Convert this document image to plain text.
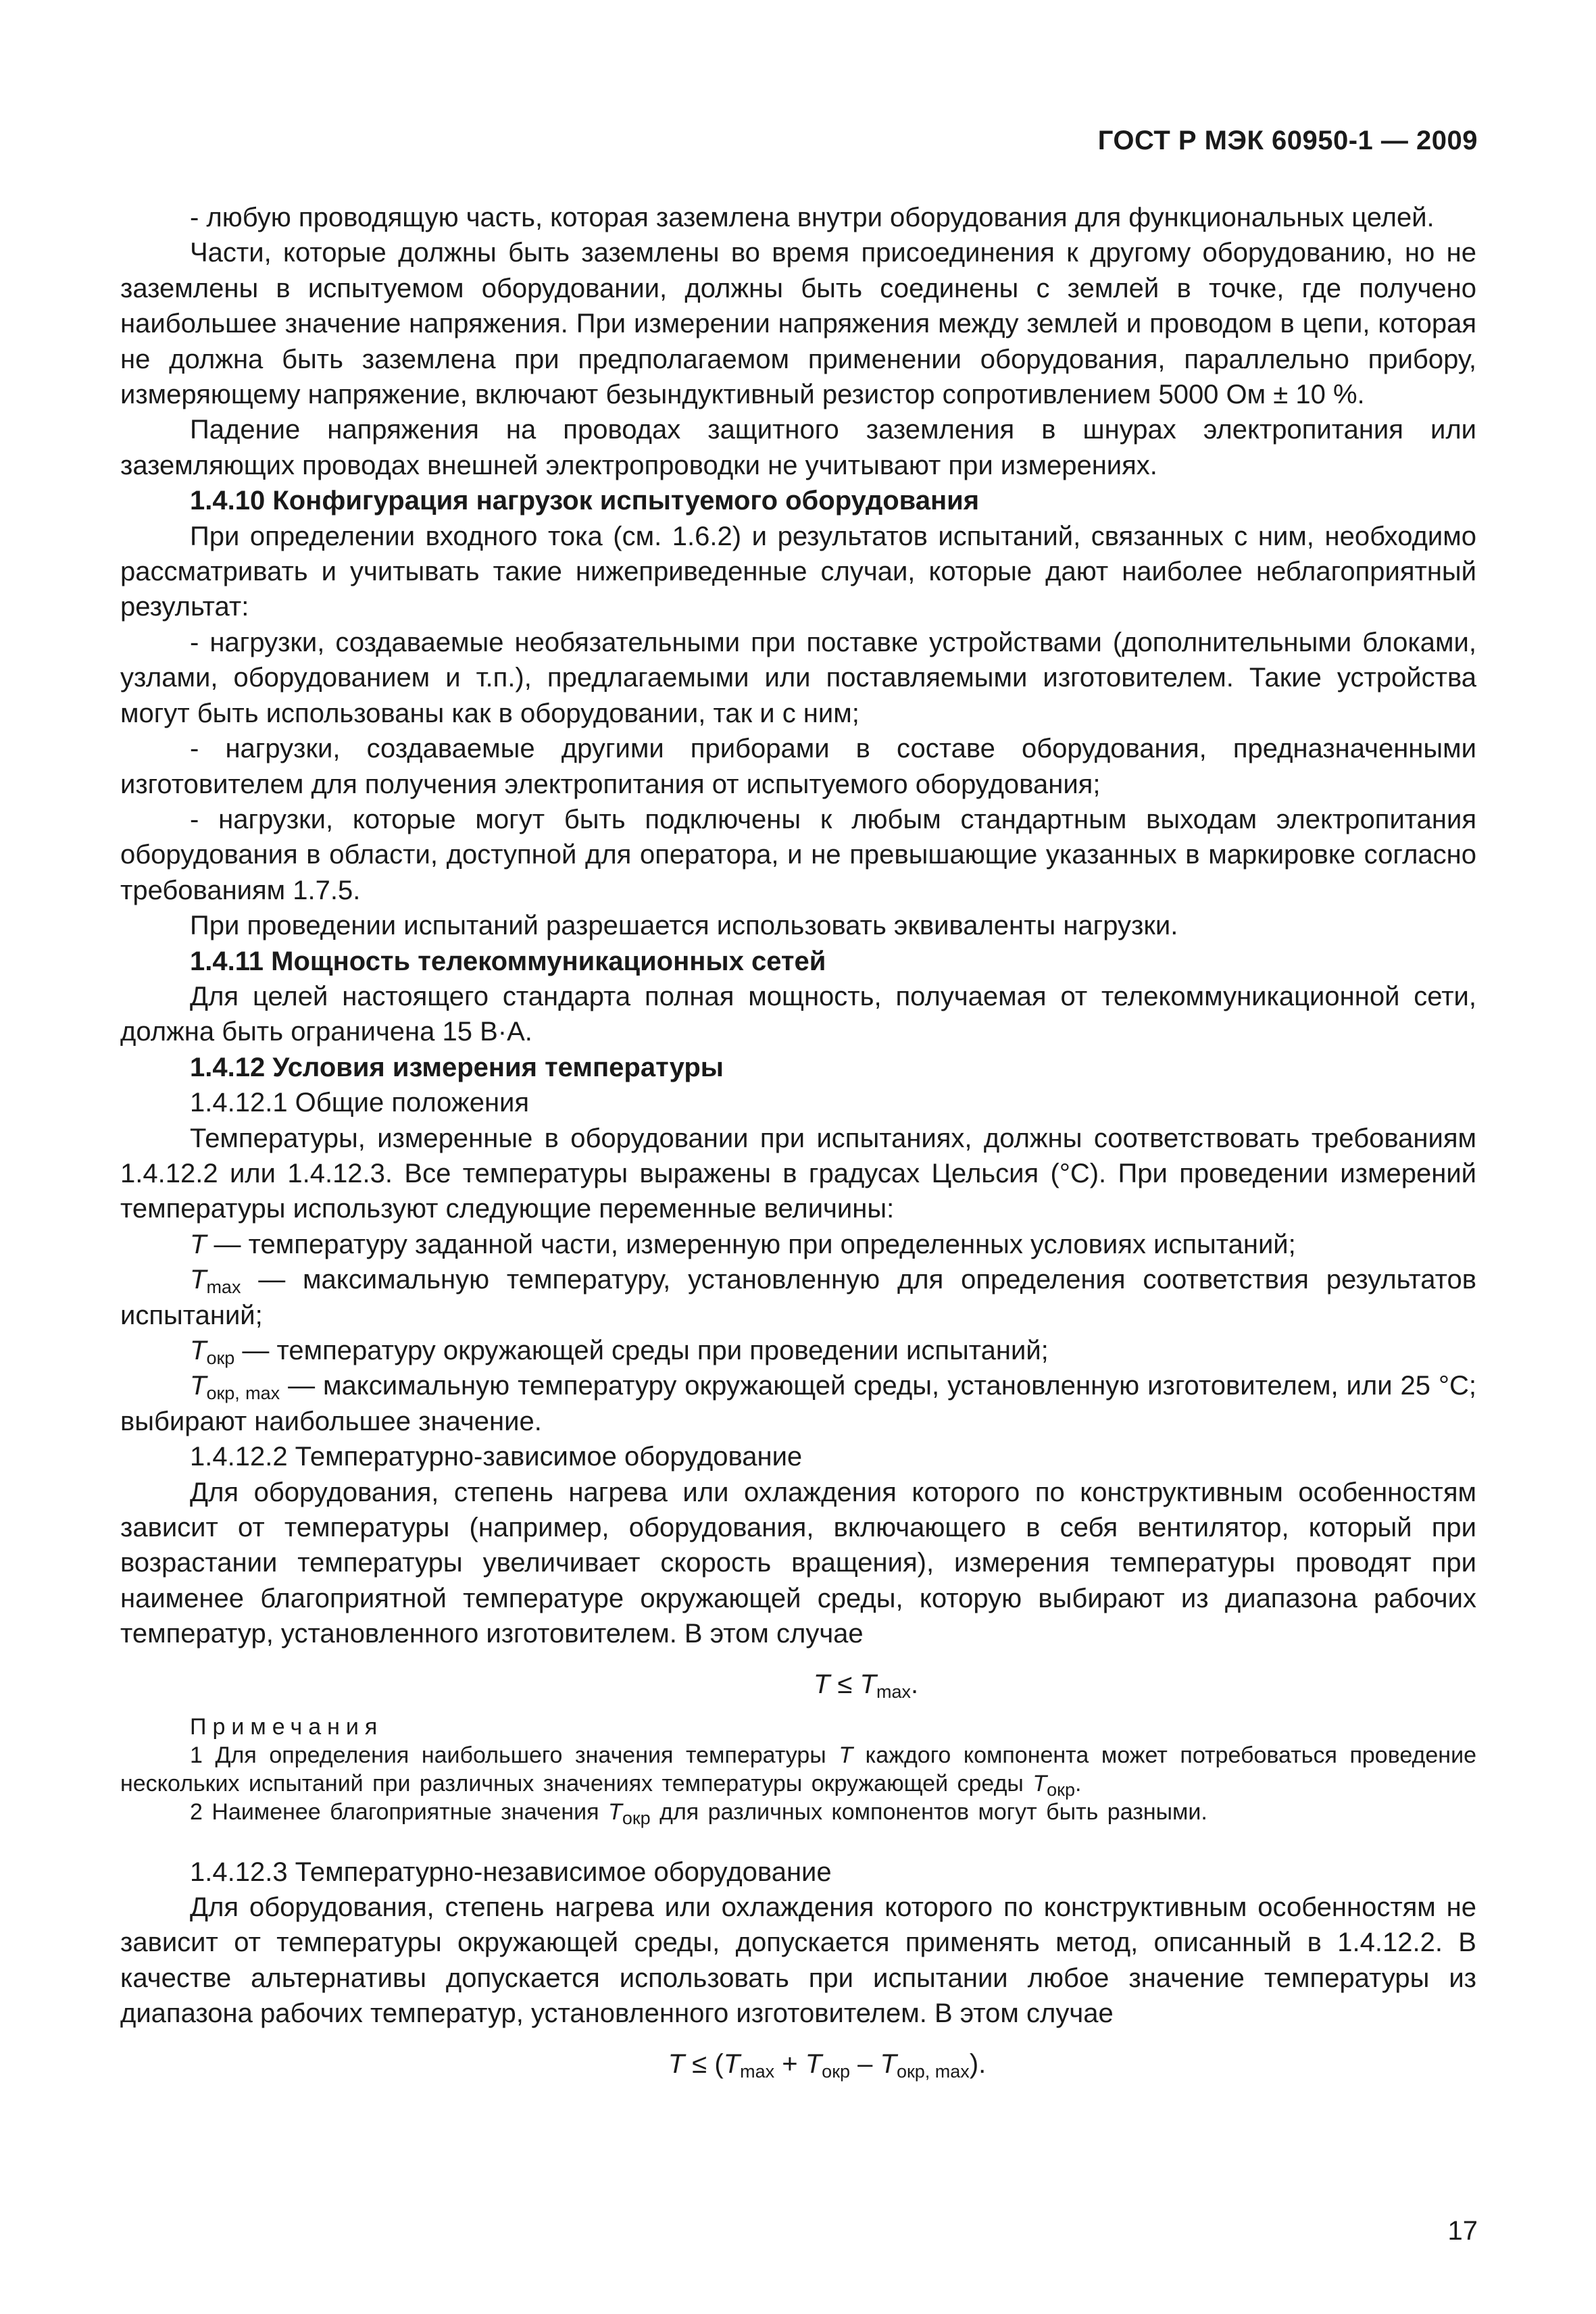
ГОСТ Р МЭК 60950-1 — 2009

- любую проводящую часть, которая заземлена внутри оборудования для функциональных целей.

Части, которые должны быть заземлены во время присоединения к другому оборудованию, но не заземлены в испытуемом оборудовании, должны быть соединены с землей в точке, где получено наибольшее значение напряжения. При измерении напряжения между землей и проводом в цепи, которая не должна быть заземлена при предполагаемом применении оборудования, параллельно прибору, измеряющему напряжение, включают безындуктивный резистор сопротивлением 5000 Ом ± 10 %.

Падение напряжения на проводах защитного заземления в шнурах электропитания или заземляющих проводах внешней электропроводки не учитывают при измерениях.

1.4.10 Конфигурация нагрузок испытуемого оборудования

При определении входного тока (см. 1.6.2) и результатов испытаний, связанных с ним, необходимо рассматривать и учитывать такие нижеприведенные случаи, которые дают наиболее неблагоприятный результат:

- нагрузки, создаваемые необязательными при поставке устройствами (дополнительными блоками, узлами, оборудованием и т.п.), предлагаемыми или поставляемыми изготовителем. Такие устройства могут быть использованы как в оборудовании, так и с ним;

- нагрузки, создаваемые другими приборами в составе оборудования, предназначенными изготовителем для получения электропитания от испытуемого оборудования;

- нагрузки, которые могут быть подключены к любым стандартным выходам электропитания оборудования в области, доступной для оператора, и не превышающие указанных в маркировке согласно требованиям 1.7.5.

При проведении испытаний разрешается использовать эквиваленты нагрузки.

1.4.11 Мощность телекоммуникационных сетей

Для целей настоящего стандарта полная мощность, получаемая от телекоммуникационной сети, должна быть ограничена 15 В·А.

1.4.12 Условия измерения температуры

1.4.12.1 Общие положения

Температуры, измеренные в оборудовании при испытаниях, должны соответствовать требованиям 1.4.12.2 или 1.4.12.3. Все температуры выражены в градусах Цельсия (°С). При проведении измерений температуры используют следующие переменные величины:

T — температуру заданной части, измеренную при определенных условиях испытаний;

$T_{max}$ — максимальную температуру, установленную для определения соответствия результатов испытаний;

$T_{окр}$ — температуру окружающей среды при проведении испытаний;

$T_{окр, max}$ — максимальную температуру окружающей среды, установленную изготовителем, или 25 °С; выбирают наибольшее значение.

1.4.12.2 Температурно-зависимое оборудование

Для оборудования, степень нагрева или охлаждения которого по конструктивным особенностям зависит от температуры (например, оборудования, включающего в себя вентилятор, который при возрастании температуры увеличивает скорость вращения), измерения температуры проводят при наименее благоприятной температуре окружающей среды, которую выбирают из диапазона рабочих температур, установленного изготовителем. В этом случае

$T \le T_{max}$.

Примечания

1 Для определения наибольшего значения температуры T каждого компонента может потребоваться проведение нескольких испытаний при различных значениях температуры окружающей среды $T_{окр}$.

2 Наименее благоприятные значения $T_{окр}$ для различных компонентов могут быть разными.

1.4.12.3 Температурно-независимое оборудование

Для оборудования, степень нагрева или охлаждения которого по конструктивным особенностям не зависит от температуры окружающей среды, допускается применять метод, описанный в 1.4.12.2. В качестве альтернативы допускается использовать при испытании любое значение температуры из диапазона рабочих температур, установленного изготовителем. В этом случае

$T \le (T_{max} + T_{окр} - T_{окр, max})$.
17
